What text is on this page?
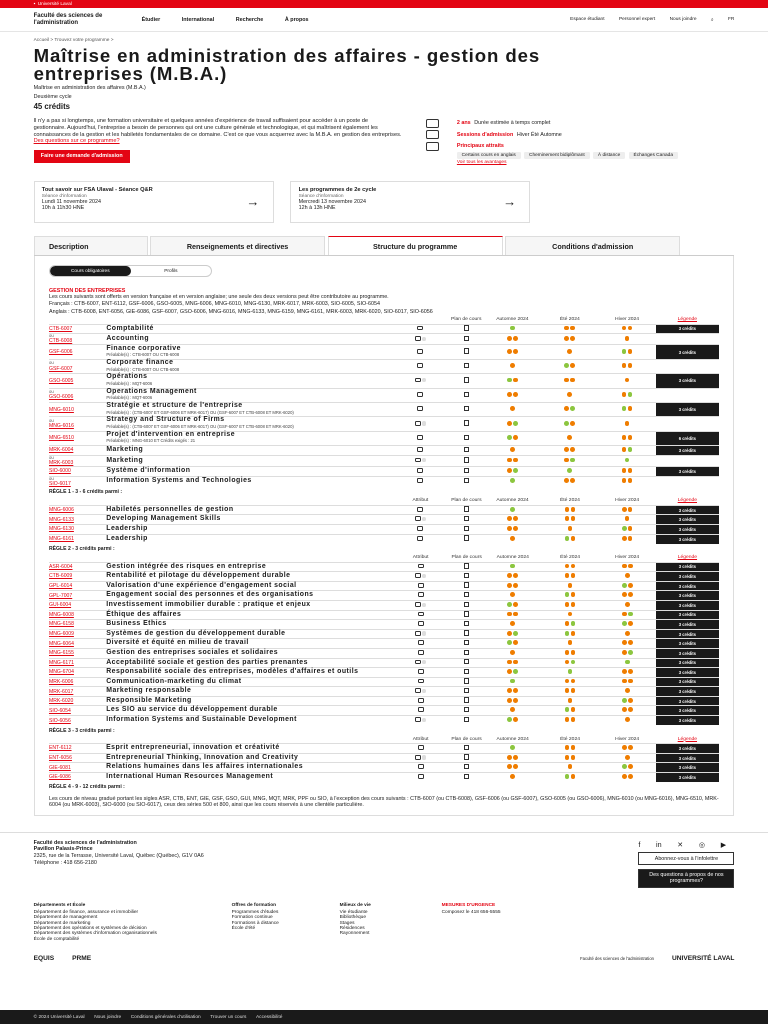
▪ Université Laval
Faculté des sciences de l'administration	Étudier International Recherche À propos	Espace étudiant Personnel expert Nous joindre ⌕ FR
Accueil > Trouvez votre programme >
Maîtrise en administration des affaires - gestion des entreprises (M.B.A.)
Maîtrise en administration des affaires (M.B.A.)
Deuxième cycle
45 crédits

Il n'y a pas si longtemps, une formation universitaire et quelques années d'expérience de travail suffisaient pour accéder à un poste de gestionnaire. Aujourd'hui, l'entreprise a besoin de personnes qui ont une culture générale et technologique, et qui maîtrisent également les connaissances de la gestion et les habiletés fondamentales de ce domaine. C'est ce que vous acquerrez avec la M.B.A. en gestion des entreprises.

Des questions sur ce programme?
Faire une demande d'admission
2 ans Durée estimée à temps complet
Sessions d'admission Hiver Été Automne
Principaux attraits
Certains cours en anglais	Cheminement bidiplômant	À distance	Échanges Canada
Voir tous les avantages
Tout savoir sur FSA Ulaval - Séance Q&R
Séance d'information
Lundi 11 novembre 2024
10h à 11h30 HNE	→
Les programmes de 2e cycle
Séance d'information
Mercredi 13 novembre 2024
12h à 13h HNE	→
Description	Renseignements et directives	Structure du programme	Conditions d'admission
Cours obligatoires	Profils
GESTION DES ENTREPRISES
Les cours suivants sont offerts en version française et en version anglaise; une seule des deux versions peut être contributoire au programme.
Français : CTB-6007, ENT-6112, GSF-6006, GSO-6005, MNG-6006, MNG-6010, MNG-6130, MRK-6017, MRK-6003, SIO-6005, SIO-6054
Anglais : CTB-6008, ENT-6056, GIE-6086, GSF-6007, GSO-6006, MNG-6016, MNG-6133, MNG-6159, MNG-6161, MRK-6003, MRK-6020, SIO-6017, SIO-6056
			Plan de cours	Automne 2024	Été 2024	Hiver 2024	Légende
CTB-6007	Comptabilité						3 crédits

ou
CTB-6008	Accounting						
GSF-6006	Finance corporative
Préalable(s) : CTB-6007 OU CTB-6008						3 crédits

ou
GSF-6007	Corporate finance
Préalable(s) : CTB-6007 OU CTB-6008						

GSO-6005	Opérations
Préalable(s) : MQT-6006						3 crédits

ou
GSO-6006	Operations Management
Préalable(s) : MQT-6006						

MNG-6010	Stratégie et structure de l'entreprise
Préalable(s) : (CTB-6007 ET GSF-6006 ET MRK-6017) OU (GSF-6007 ET CTB-6008 ET MRK-6020)						3 crédits

ou
MNG-6016	Strategy and Structure of Firms
Préalable(s) : (CTB-6007 ET GSF-6006 ET MRK-6017) OU (GSF-6007 ET CTB-6008 ET MRK-6020)						

MNG-6510	Projet d'intervention en entreprise
Préalable(s) : MNG-6010 ET Crédits exigés : 21						6 crédits
MRK-6004	Marketing						3 crédits

ou
MRK-6003	Marketing						
SIO-6000	Système d'information						3 crédits

ou
SIO-6017	Information Systems and Technologies						
RÈGLE 1 - 3 - 6 crédits parmi :
		Attribut	Plan de cours	Automne 2024	Été 2024	Hiver 2024	Légende
MNG-6006	Habiletés personnelles de gestion						3 crédits
MNG-6133	Developing Management Skills						3 crédits
MNG-6130	Leadership						3 crédits
MNG-6161	Leadership						3 crédits
RÈGLE 2 - 3 crédits parmi :
		Attribut	Plan de cours	Automne 2024	Été 2024	Hiver 2024	Légende
ASR-6004	Gestion intégrée des risques en entreprise						3 crédits
CTB-6009	Rentabilité et pilotage du développement durable						3 crédits
GPL-6014	Valorisation d'une expérience d'engagement social						3 crédits
GPL-7007	Engagement social des personnes et des organisations						3 crédits
GUI-6004	Investissement immobilier durable : pratique et enjeux						3 crédits
MNG-6008	Éthique des affaires						3 crédits
MNG-6158	Business Ethics						3 crédits
MNG-6009	Systèmes de gestion du développement durable						3 crédits
MNG-6064	Diversité et équité en milieu de travail						3 crédits
MNG-6155	Gestion des entreprises sociales et solidaires						3 crédits
MNG-6171	Acceptabilité sociale et gestion des parties prenantes						3 crédits
MNG-6704	Responsabilité sociale des entreprises, modèles d'affaires et outils						3 crédits
MRK-6006	Communication-marketing du climat						3 crédits
MRK-6017	Marketing responsable						3 crédits
MRK-6020	Responsible Marketing						3 crédits
SIO-6054	Les SIO au service du développement durable						3 crédits
SIO-6056	Information Systems and Sustainable Development						3 crédits
RÈGLE 3 - 3 crédits parmi :
		Attribut	Plan de cours	Automne 2024	Été 2024	Hiver 2024	Légende
ENT-6112	Esprit entrepreneurial, innovation et créativité						3 crédits
ENT-6056	Entrepreneurial Thinking, Innovation and Creativity						3 crédits
GIE-6081	Relations humaines dans les affaires internationales						3 crédits
GIE-6086	International Human Resources Management						3 crédits
RÈGLE 4 - 9 - 12 crédits parmi :
Les cours de niveau gradué portant les sigles ASR, CTB, ENT, GIE, GSF, GSO, GUI, MNG, MQT, MRK, PPF ou SIO, à l'exception des cours suivants : CTB-6007 (ou CTB-6008), GSF-6006 (ou GSF-6007), GSO-6005 (ou GSO-6006), MNG-6010 (ou MNG-6016), MNG-6510, MRK-6004 (ou MRK-6003), SIO-6000 (ou SIO-6017), ceux des séries 500 et 800, ainsi que les cours réservés à une clientèle particulière.
Faculté des sciences de l'administration
Pavillon Palasis-Prince
2325, rue de la Terrasse, Université Laval, Québec (Québec), G1V 0A6
Téléphone : 418 656-2180
f in ✕ ◎ ▶
Abonnez-vous à l'infolettre
Des questions à propos de nos programmes?
Départements et École
Département de finance, assurance et immobilier
Département de management
Département de marketing
Département des opérations et systèmes de décision
Département des systèmes d'information organisationnels
École de comptabilité
Offres de formation
Programmes d'études
Formation continue
Formations à distance
École d'été
Milieux de vie
Vie étudiante
Bibliothèque
Stages
Résidences
Rayonnement
MESURES D'URGENCE
Composez le 418 656-5555
EQUIS PRME	Faculté des sciences de l'administration UNIVERSITÉ LAVAL
© 2024 Université Laval Nous joindre Conditions générales d'utilisation Trouver un cours Accessibilité
